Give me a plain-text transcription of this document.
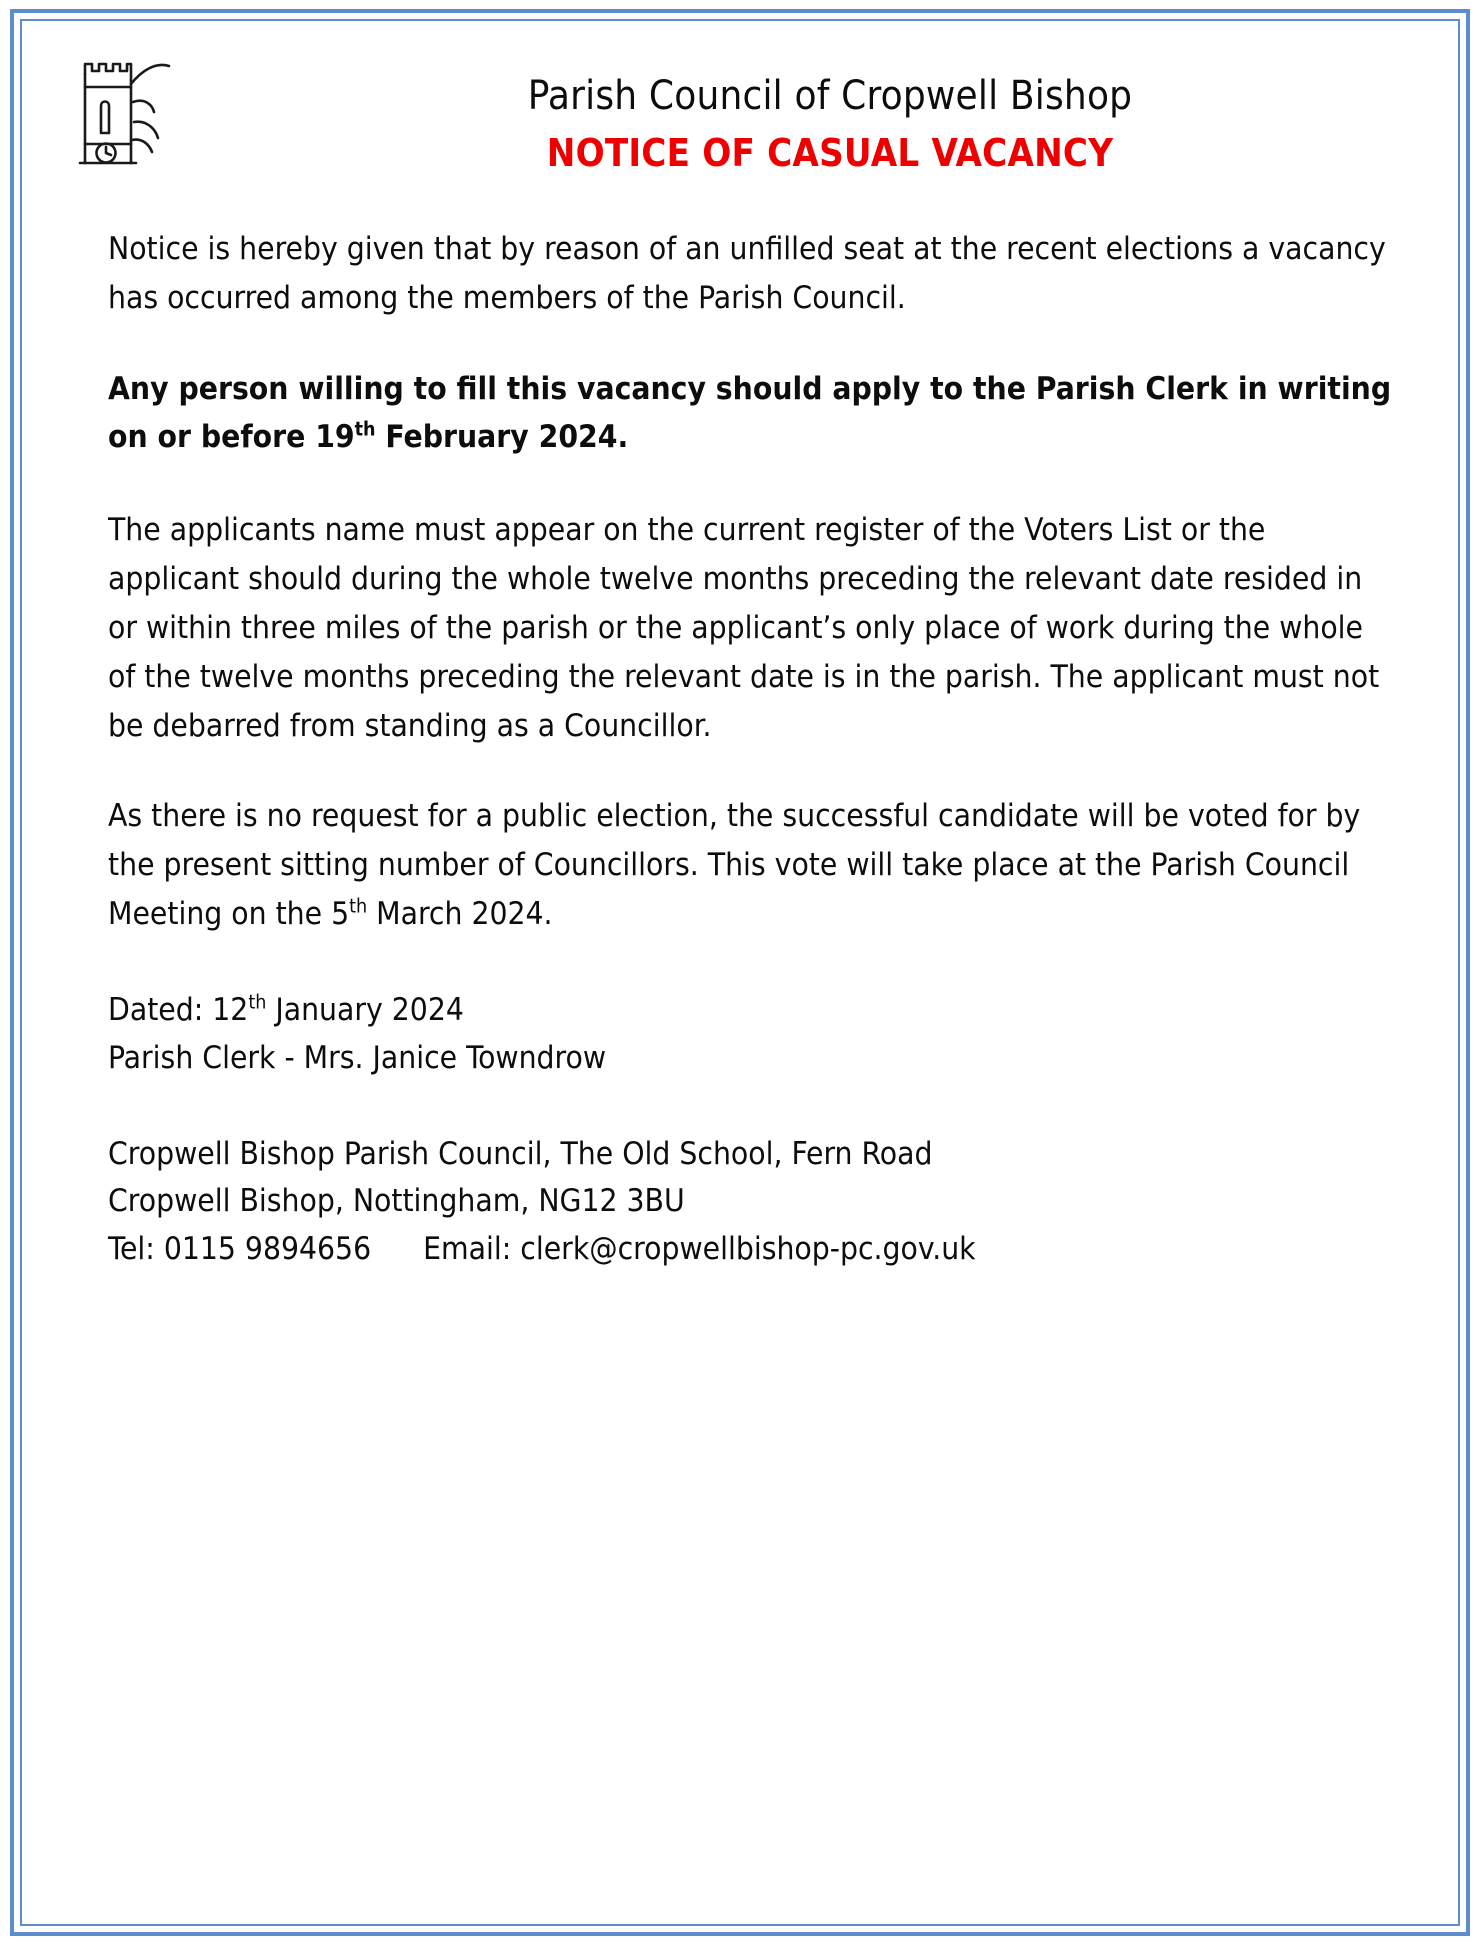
Parish Council of Cropwell Bishop
NOTICE OF CASUAL VACANCY

Notice is hereby given that by reason of an unfilled seat at the recent elections a vacancy has occurred among the members of the Parish Council.

Any person willing to fill this vacancy should apply to the Parish Clerk in writing on or before 19th February 2024.

The applicants name must appear on the current register of the Voters List or the applicant should during the whole twelve months preceding the relevant date resided in or within three miles of the parish or the applicant’s only place of work during the whole of the twelve months preceding the relevant date is in the parish. The applicant must not be debarred from standing as a Councillor.

As there is no request for a public election, the successful candidate will be voted for by the present sitting number of Councillors. This vote will take place at the Parish Council Meeting on the 5th March 2024.

Dated: 12th January 2024

Parish Clerk - Mrs. Janice Towndrow

Cropwell Bishop Parish Council, The Old School, Fern Road

Cropwell Bishop, Nottingham, NG12 3BU

Tel: 0115 9894656 Email: clerk@cropwellbishop-pc.gov.uk
